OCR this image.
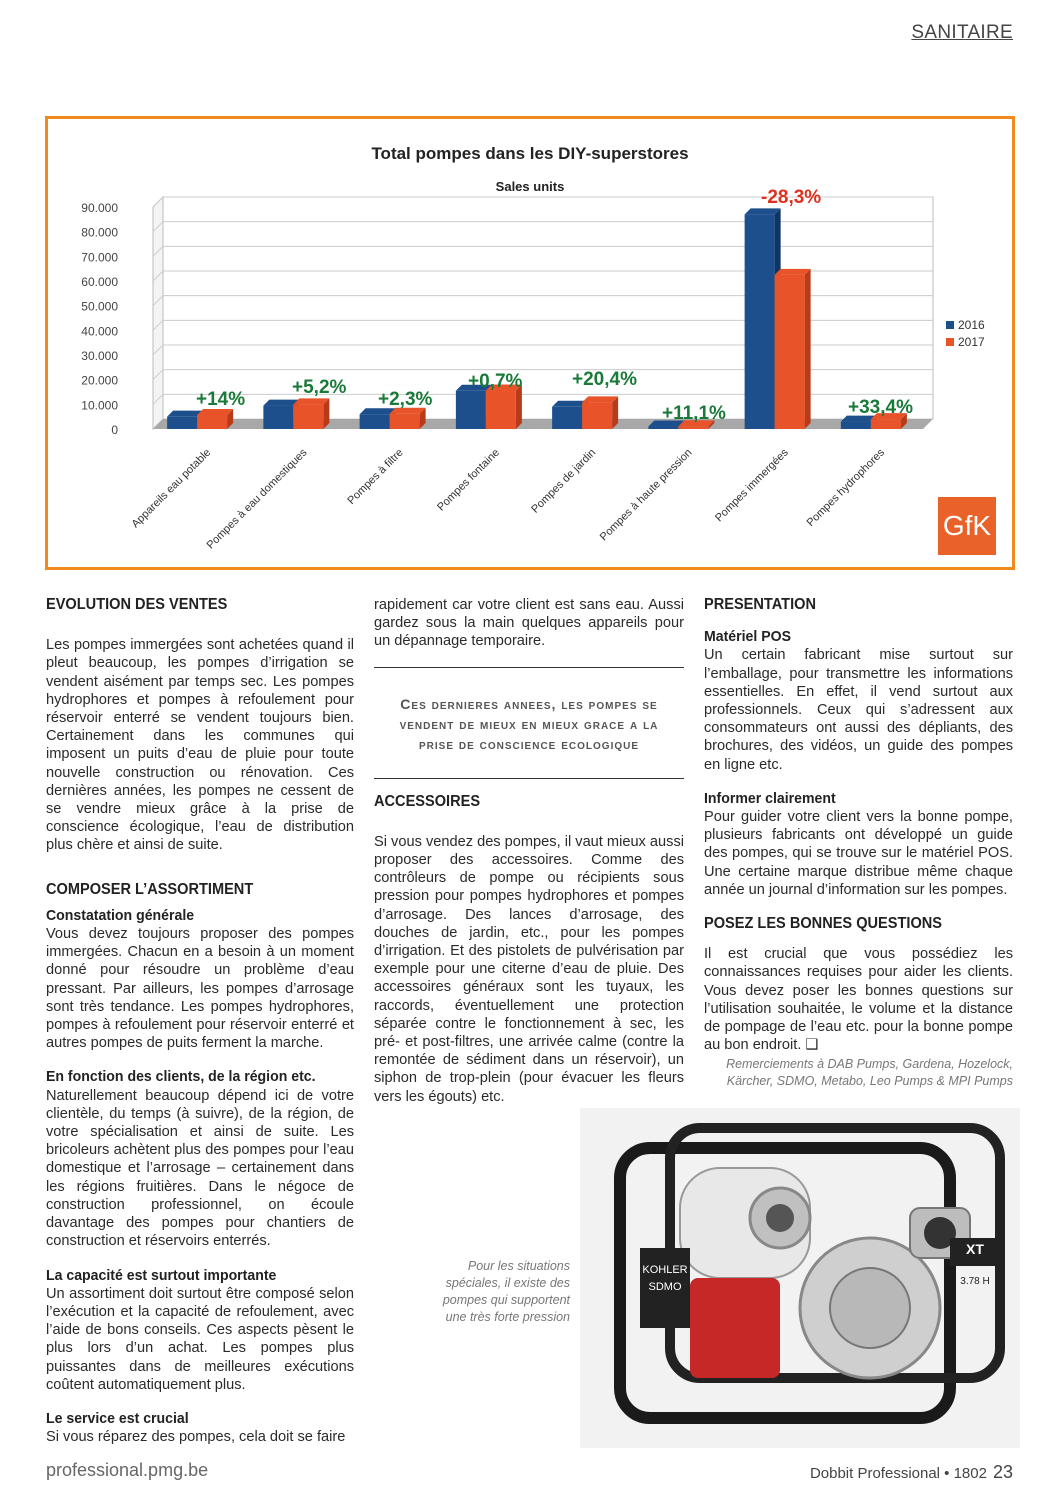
SANITAIRE
Total pompes dans les DIY-superstores
Sales units
90.000
80.000
70.000
60.000
50.000
40.000
30.000
20.000
10.000
0
Appareils eau potable
Pompes à eau domestiques	Pompes à filtre	Pompes fontaine Pompes de jardin Pompes à haute pression Pompes immergées Pompes hydrophores
+14%
+5,2%
+2,3%
+0,7%	+20,4%
+11,1%
-28,3%
+33,4%
2016
2017
GfK
EVOLUTION DES VENTES

Les pompes immergées sont achetées quand il pleut beaucoup, les pompes d’irrigation se vendent aisément par temps sec. Les pompes hydrophores et pompes à refoulement pour réservoir enterré se vendent toujours bien. Certainement dans les communes qui imposent un puits d’eau de pluie pour toute nouvelle construction ou rénovation. Ces dernières années, les pompes ne cessent de se vendre mieux grâce à la prise de conscience écologique, l’eau de distribution plus chère et ainsi de suite.

COMPOSER L’ASSORTIMENT
Constatation générale

Vous devez toujours proposer des pompes immergées. Chacun en a besoin à un moment donné pour résoudre un problème d’eau pressant. Par ailleurs, les pompes d’arrosage sont très tendance. Les pompes hydrophores, pompes à refoulement pour réservoir enterré et autres pompes de puits ferment la marche.

En fonction des clients, de la région etc.

Naturellement beaucoup dépend ici de votre clientèle, du temps (à suivre), de la région, de votre spécialisation et ainsi de suite. Les bricoleurs achètent plus des pompes pour l’eau domestique et l’arrosage – certainement dans les régions fruitières. Dans le négoce de construction professionnel, on écoule davantage des pompes pour chantiers de construction et réservoirs enterrés.

La capacité est surtout importante

Un assortiment doit surtout être composé selon l’exécution et la capacité de refoulement, avec l’aide de bons conseils. Ces aspects pèsent le plus lors d’un achat. Les pompes plus puissantes dans de meilleures exécutions coûtent automatiquement plus.

Le service est crucial

Si vous réparez des pompes, cela doit se faire

rapidement car votre client est sans eau. Aussi gardez sous la main quelques appareils pour un dépannage temporaire.

Ces dernieres annees, les pompes se vendent de mieux en mieux grace a la prise de conscience ecologique
ACCESSOIRES

Si vous vendez des pompes, il vaut mieux aussi proposer des accessoires. Comme des contrôleurs de pompe ou récipients sous pression pour pompes hydrophores et pompes d’arrosage. Des lances d’arrosage, des douches de jardin, etc., pour les pompes d’irrigation. Et des pistolets de pulvérisation par exemple pour une citerne d’eau de pluie. Des accessoires généraux sont les tuyaux, les raccords, éventuellement une protection séparée contre le fonctionnement à sec, les pré- et post-filtres, une arrivée calme (contre la remontée de sédiment dans un réservoir), un siphon de trop-plein (pour évacuer les fleurs vers les égouts) etc.

PRESENTATION
Matériel POS

Un certain fabricant mise surtout sur l’emballage, pour transmettre les informations essentielles. En effet, il vend surtout aux professionnels. Ceux qui s’adressent aux consommateurs ont aussi des dépliants, des brochures, des vidéos, un guide des pompes en ligne etc.

Informer clairement

Pour guider votre client vers la bonne pompe, plusieurs fabricants ont développé un guide des pompes, qui se trouve sur le matériel POS. Une certaine marque distribue même chaque année un journal d’information sur les pompes.

POSEZ LES BONNES QUESTIONS

Il est crucial que vous possédiez les connaissances requises pour aider les clients. Vous devez poser les bonnes questions sur l’utilisation souhaitée, le volume et la distance de pompage de l’eau etc. pour la bonne pompe au bon endroit. ❑

Remerciements à DAB Pumps, Gardena, Hozelock, Kärcher, SDMO, Metabo, Leo Pumps & MPI Pumps
Pour les situations spéciales, il existe des pompes qui supportent une très forte pression
KOHLER
SDMO
XT
3.78 H
professional.pmg.be	Dobbit Professional • 1802 23
